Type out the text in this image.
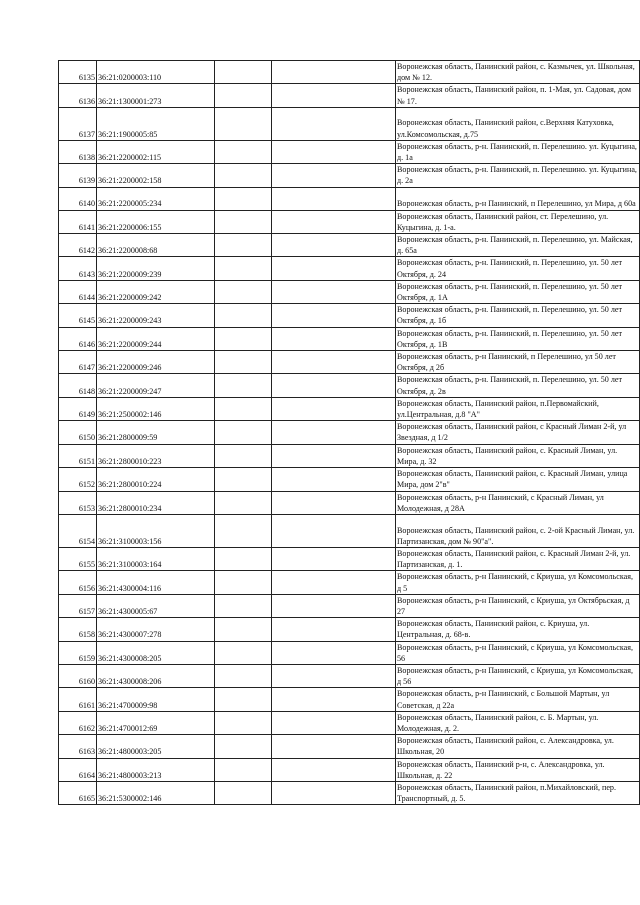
6135	36:21:0200003:110			Воронежская область, Панинский район, с. Казмычек, ул. Школьная, дом № 12.
6136	36:21:1300001:273			Воронежская область, Панинский район, п. 1-Мая, ул. Садовая, дом № 17.
6137	36:21:1900005:85			Воронежская область, Панинский район, с.Верхняя Катуховка, ул.Комсомольская, д.75
6138	36:21:2200002:115			Воронежская область, р-н. Панинский, п. Перелешино. ул. Куцыгина, д. 1а
6139	36:21:2200002:158			Воронежская область, р-н. Панинский, п. Перелешино. ул. Куцыгина, д. 2а
6140	36:21:2200005:234			Воронежская область, р-н Панинский, п Перелешино, ул Мира, д 60а
6141	36:21:2200006:155			Воронежская область, Панинский район, ст. Перелешино, ул. Куцыгина, д. 1-а.
6142	36:21:2200008:68			Воронежская область, р-н. Панинский, п. Перелешино, ул. Майская, д. 65а
6143	36:21:2200009:239			Воронежская область, р-н. Панинский, п. Перелешино, ул. 50 лет Октября, д. 24
6144	36:21:2200009:242			Воронежская область, р-н. Панинский, п. Перелешино, ул. 50 лет Октября, д. 1А
6145	36:21:2200009:243			Воронежская область, р-н. Панинский, п. Перелешино, ул. 50 лет Октября, д. 1б
6146	36:21:2200009:244			Воронежская область, р-н. Панинский, п. Перелешино, ул. 50 лет Октября, д. 1В
6147	36:21:2200009:246			Воронежская область, р-н Панинский, п Перелешино, ул 50 лет Октября, д 2б
6148	36:21:2200009:247			Воронежская область, р-н. Панинский, п. Перелешино, ул. 50 лет Октября, д. 2в
6149	36:21:2500002:146			Воронежская область, Панинский район, п.Первомайский, ул.Центральная, д.8 "А"
6150	36:21:2800009:59			Воронежская область, Панинский район, с Красный Лиман 2-й, ул Звездная, д 1/2
6151	36:21:2800010:223			Воронежская область, Панинский район, с. Красный Лиман, ул. Мира, д. 32
6152	36:21:2800010:224			Воронежская область, Панинский район, с. Красный Лиман, улица Мира, дом 2"в"
6153	36:21:2800010:234			Воронежская область, р-н Панинский, с Красный Лиман, ул Молодежная, д 28А
6154	36:21:3100003:156			Воронежская область, Панинский район, с. 2-ой Красный Лиман, ул. Партизанская, дом № 90"а".
6155	36:21:3100003:164			Воронежская область, Панинский район, с. Красный Лиман 2-й, ул. Партизанская, д. 1.
6156	36:21:4300004:116			Воронежская область, р-н Панинский, с Криуша, ул Комсомольская, д 5
6157	36:21:4300005:67			Воронежская область, р-н Панинский, с Криуша, ул Октябрьская, д 27
6158	36:21:4300007:278			Воронежская область, Панинский район, с. Криуша, ул. Центральная, д. 68-в.
6159	36:21:4300008:205			Воронежская область, р-н Панинский, с Криуша, ул Комсомольская, 56
6160	36:21:4300008:206			Воронежская область, р-н Панинский, с Криуша, ул Комсомольская, д 56
6161	36:21:4700009:98			Воронежская область, р-н Панинский, с Большой Мартын, ул Советская, д 22а
6162	36:21:4700012:69			Воронежская область, Панинский район, с. Б. Мартын, ул. Молодежная, д. 2.
6163	36:21:4800003:205			Воронежская область, Панинский район, с. Александровка, ул. Школьная, 20
6164	36:21:4800003:213			Воронежская область, Панинский р-н, с. Александровка, ул. Школьная, д. 22
6165	36:21:5300002:146			Воронежская область, Панинский район, п.Михайловский, пер. Транспортный, д. 5.
